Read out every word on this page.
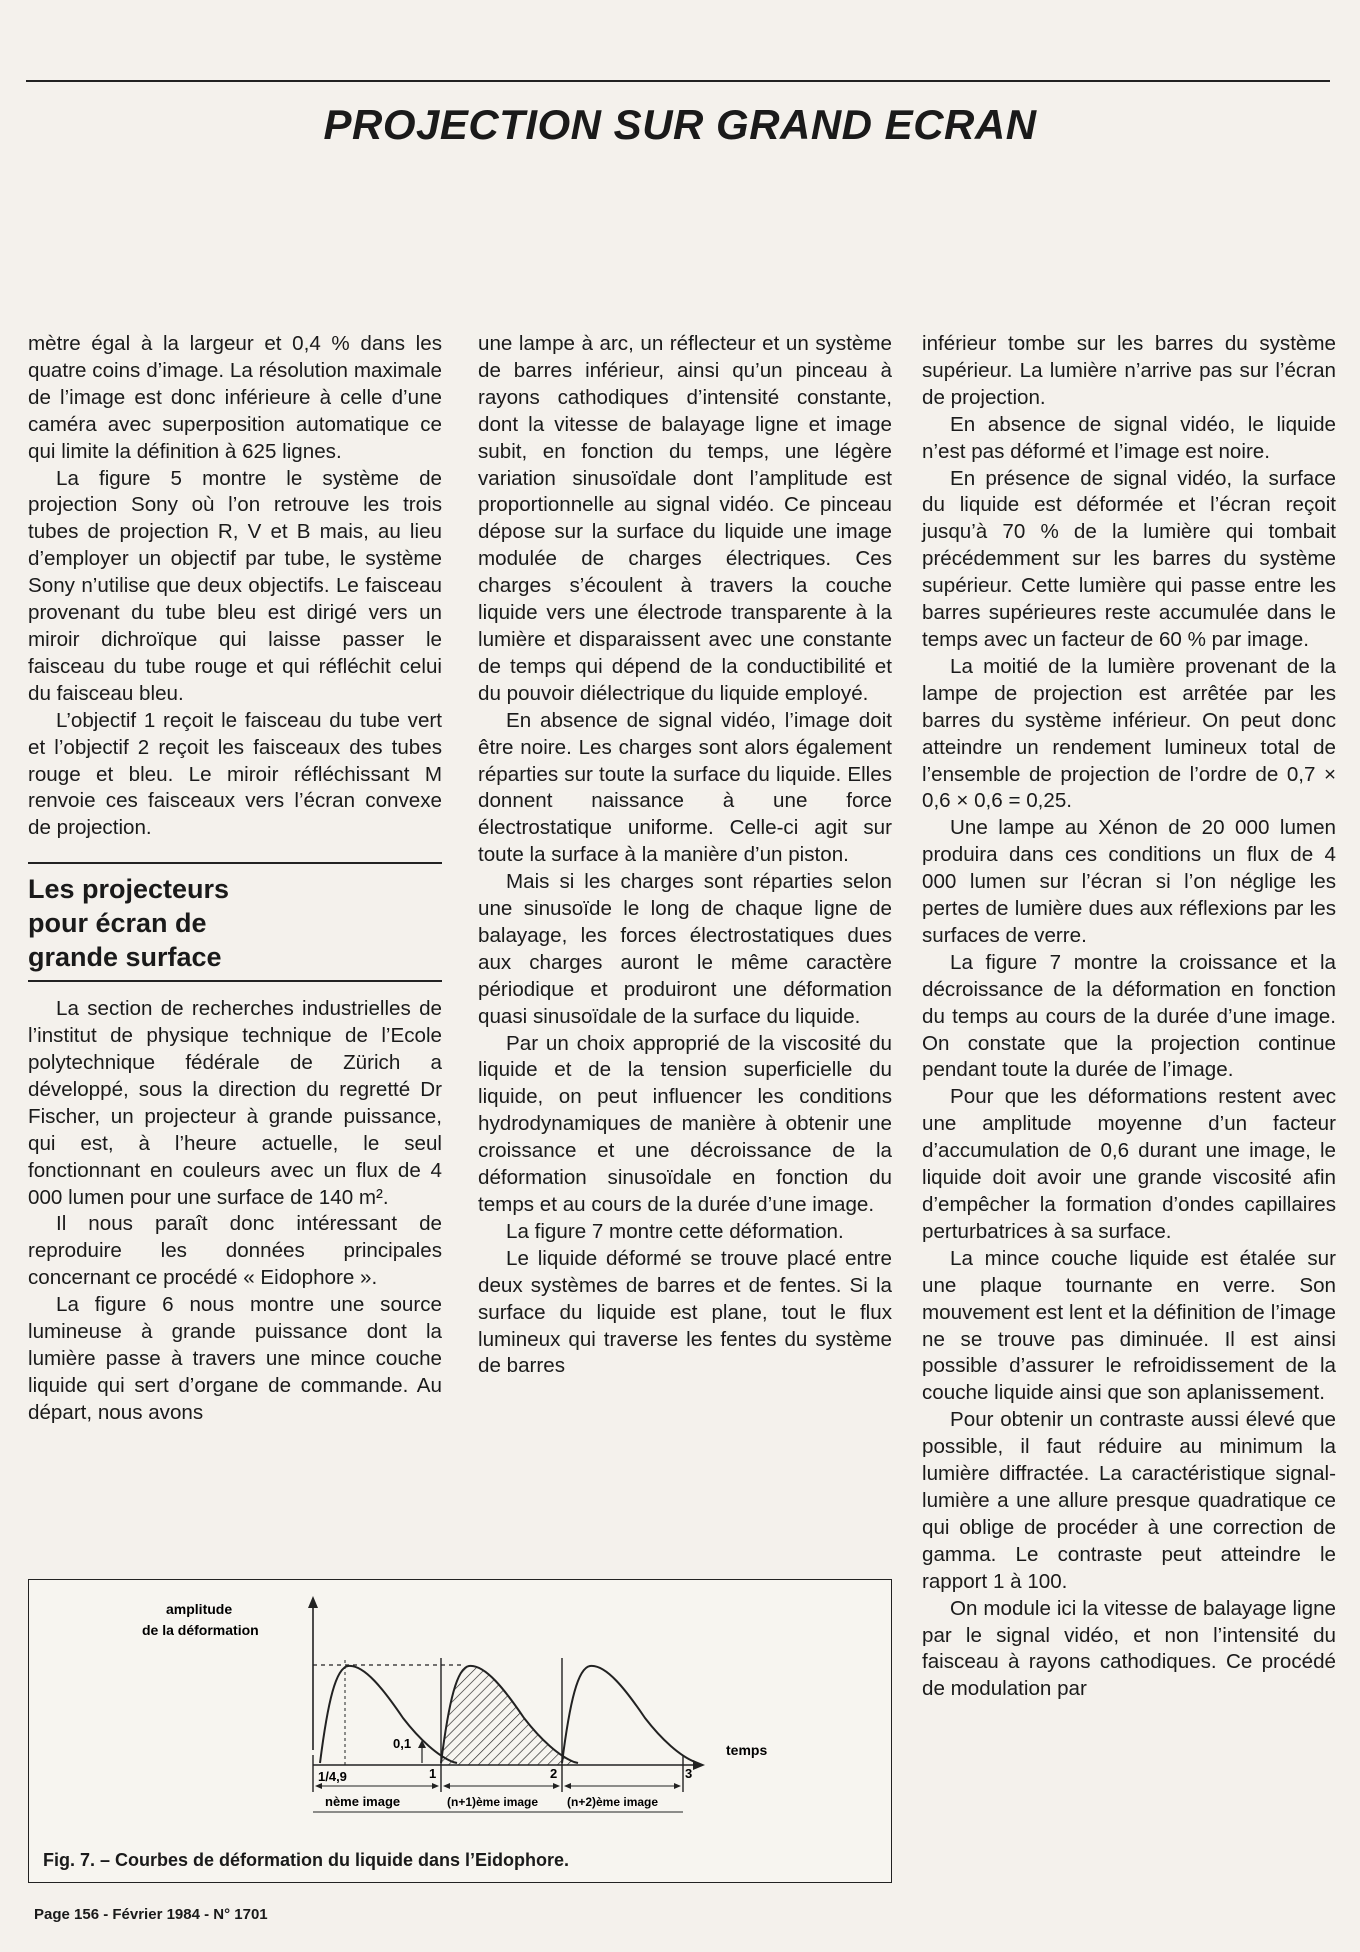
PROJECTION SUR GRAND ECRAN

mètre égal à la largeur et 0,4 % dans les quatre coins d’image. La résolution maximale de l’image est donc inférieure à celle d’une caméra avec superposition automatique ce qui limite la définition à 625 lignes.

La figure 5 montre le système de projection Sony où l’on retrouve les trois tubes de projection R, V et B mais, au lieu d’employer un objectif par tube, le système Sony n’utilise que deux objectifs. Le faisceau provenant du tube bleu est dirigé vers un miroir dichroïque qui laisse passer le faisceau du tube rouge et qui réfléchit celui du faisceau bleu.

L’objectif 1 reçoit le faisceau du tube vert et l’objectif 2 reçoit les faisceaux des tubes rouge et bleu. Le miroir réfléchissant M renvoie ces faisceaux vers l’écran convexe de projection.

Les projecteurs
pour écran de
grande surface

La section de recherches industrielles de l’institut de physique technique de l’Ecole polytechnique fédérale de Zürich a développé, sous la direction du regretté Dr Fischer, un projecteur à grande puissance, qui est, à l’heure actuelle, le seul fonctionnant en couleurs avec un flux de 4 000 lumen pour une surface de 140 m².

Il nous paraît donc intéressant de reproduire les données principales concernant ce procédé « Eidophore ».

La figure 6 nous montre une source lumineuse à grande puissance dont la lumière passe à travers une mince couche liquide qui sert d’organe de commande. Au départ, nous avons

une lampe à arc, un réflecteur et un système de barres inférieur, ainsi qu’un pinceau à rayons cathodiques d’intensité constante, dont la vitesse de balayage ligne et image subit, en fonction du temps, une légère variation sinusoïdale dont l’amplitude est proportionnelle au signal vidéo. Ce pinceau dépose sur la surface du liquide une image modulée de charges électriques. Ces charges s’écoulent à travers la couche liquide vers une électrode transparente à la lumière et disparaissent avec une constante de temps qui dépend de la conductibilité et du pouvoir diélectrique du liquide employé.

En absence de signal vidéo, l’image doit être noire. Les charges sont alors également réparties sur toute la surface du liquide. Elles donnent naissance à une force électrostatique uniforme. Celle-ci agit sur toute la surface à la manière d’un piston.

Mais si les charges sont réparties selon une sinusoïde le long de chaque ligne de balayage, les forces électrostatiques dues aux charges auront le même caractère périodique et produiront une déformation quasi sinusoïdale de la surface du liquide.

Par un choix approprié de la viscosité du liquide et de la tension superficielle du liquide, on peut influencer les conditions hydrodynamiques de manière à obtenir une croissance et une décroissance de la déformation sinusoïdale en fonction du temps et au cours de la durée d’une image.

La figure 7 montre cette déformation.

Le liquide déformé se trouve placé entre deux systèmes de barres et de fentes. Si la surface du liquide est plane, tout le flux lumineux qui traverse les fentes du système de barres

inférieur tombe sur les barres du système supérieur. La lumière n’arrive pas sur l’écran de projection.

En absence de signal vidéo, le liquide n’est pas déformé et l’image est noire.

En présence de signal vidéo, la surface du liquide est déformée et l’écran reçoit jusqu’à 70 % de la lumière qui tombait précédemment sur les barres du système supérieur. Cette lumière qui passe entre les barres supérieures reste accumulée dans le temps avec un facteur de 60 % par image.

La moitié de la lumière provenant de la lampe de projection est arrêtée par les barres du système inférieur. On peut donc atteindre un rendement lumineux total de l’ensemble de projection de l’ordre de 0,7 × 0,6 × 0,6 = 0,25.

Une lampe au Xénon de 20 000 lumen produira dans ces conditions un flux de 4 000 lumen sur l’écran si l’on néglige les pertes de lumière dues aux réflexions par les surfaces de verre.

La figure 7 montre la croissance et la décroissance de la déformation en fonction du temps au cours de la durée d’une image. On constate que la projection continue pendant toute la durée de l’image.

Pour que les déformations restent avec une amplitude moyenne d’un facteur d’accumulation de 0,6 durant une image, le liquide doit avoir une grande viscosité afin d’empêcher la formation d’ondes capillaires perturbatrices à sa surface.

La mince couche liquide est étalée sur une plaque tournante en verre. Son mouvement est lent et la définition de l’image ne se trouve pas diminuée. Il est ainsi possible d’assurer le refroidissement de la couche liquide ainsi que son aplanissement.

Pour obtenir un contraste aussi élevé que possible, il faut réduire au minimum la lumière diffractée. La caractéristique signal-lumière a une allure presque quadratique ce qui oblige de procéder à une correction de gamma. Le contraste peut atteindre le rapport 1 à 100.

On module ici la vitesse de balayage ligne par le signal vidéo, et non l’intensité du faisceau à rayons cathodiques. Ce procédé de modulation par

amplitude
de la déformation
temps
1/4,9
0,1
1	2	3
nème image	(n+1)ème image (n+2)ème image
Fig. 7. – Courbes de déformation du liquide dans l’Eidophore.
Page 156 - Février 1984 - N° 1701
